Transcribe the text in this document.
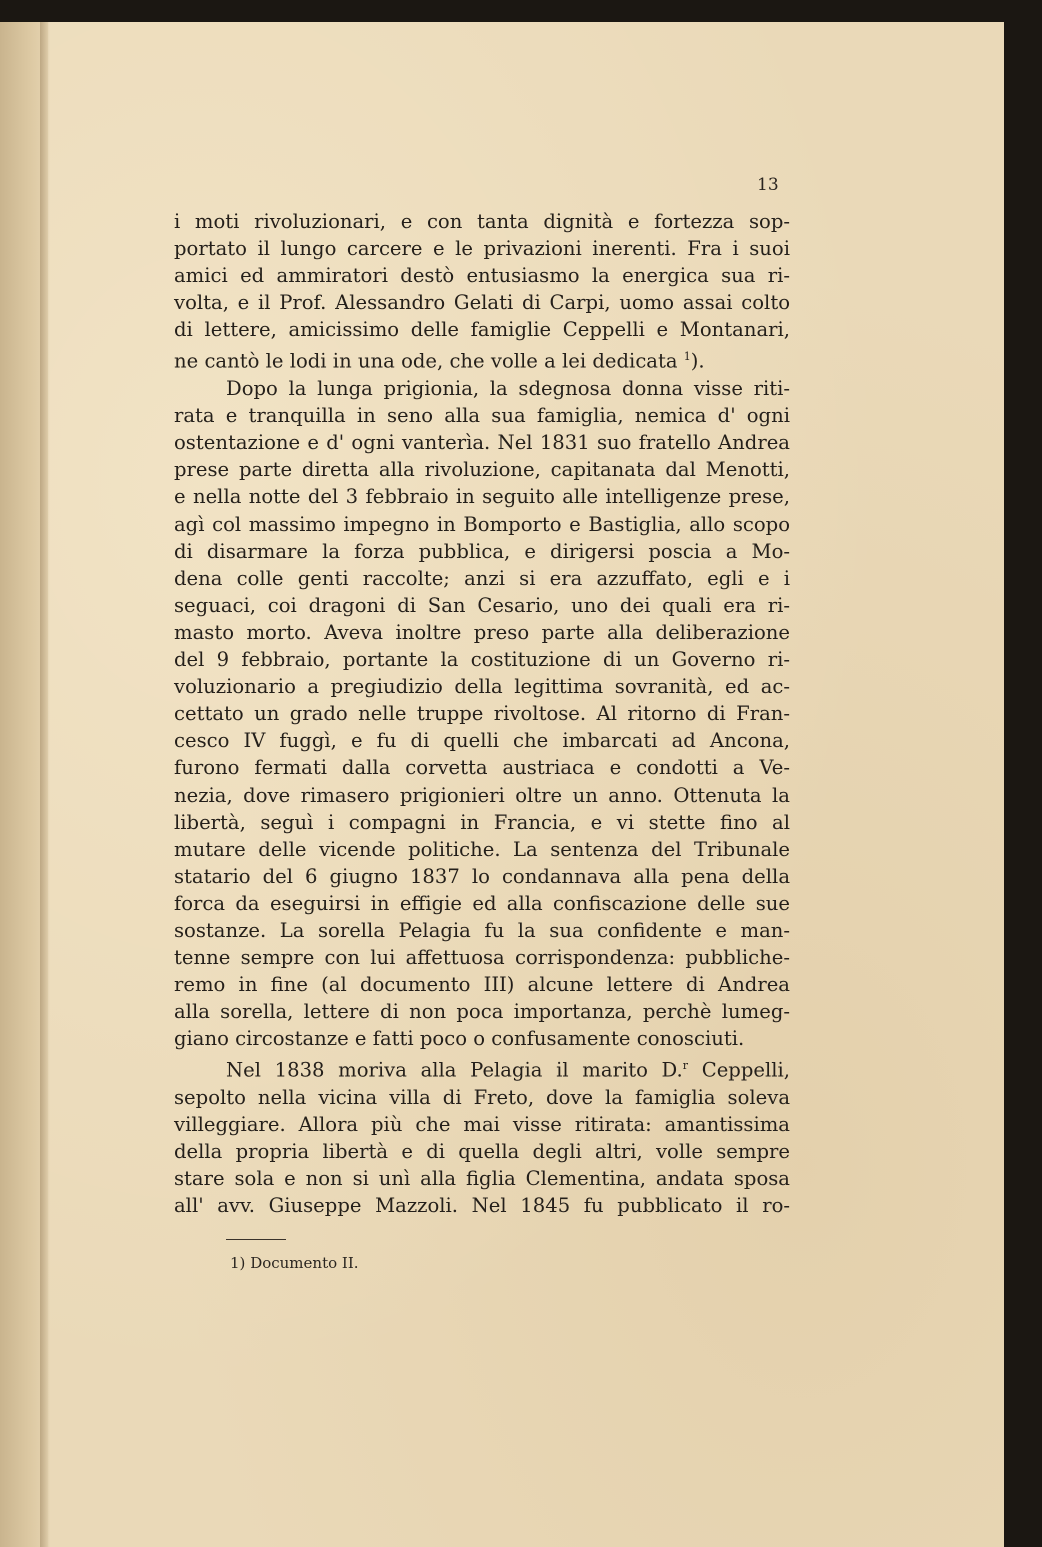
13
i moti rivoluzionari, e con tanta dignità e fortezza sop-
portato il lungo carcere e le privazioni inerenti. Fra i suoi
amici ed ammiratori destò entusiasmo la energica sua ri-
volta, e il Prof. Alessandro Gelati di Carpi, uomo assai colto
di lettere, amicissimo delle famiglie Ceppelli e Montanari,
ne cantò le lodi in una ode, che volle a lei dedicata $^1$).
Dopo la lunga prigionia, la sdegnosa donna visse riti-
rata e tranquilla in seno alla sua famiglia, nemica d' ogni
ostentazione e d' ogni vanterìa. Nel 1831 suo fratello Andrea
prese parte diretta alla rivoluzione, capitanata dal Menotti,
e nella notte del 3 febbraio in seguito alle intelligenze prese,
agì col massimo impegno in Bomporto e Bastiglia, allo scopo
di disarmare la forza pubblica, e dirigersi poscia a Mo-
dena colle genti raccolte; anzi si era azzuffato, egli e i
seguaci, coi dragoni di San Cesario, uno dei quali era ri-
masto morto. Aveva inoltre preso parte alla deliberazione
del 9 febbraio, portante la costituzione di un Governo ri-
voluzionario a pregiudizio della legittima sovranità, ed ac-
cettato un grado nelle truppe rivoltose. Al ritorno di Fran-
cesco IV fuggì, e fu di quelli che imbarcati ad Ancona,
furono fermati dalla corvetta austriaca e condotti a Ve-
nezia, dove rimasero prigionieri oltre un anno. Ottenuta la
libertà, seguì i compagni in Francia, e vi stette fino al
mutare delle vicende politiche. La sentenza del Tribunale
statario del 6 giugno 1837 lo condannava alla pena della
forca da eseguirsi in effigie ed alla confiscazione delle sue
sostanze. La sorella Pelagia fu la sua confidente e man-
tenne sempre con lui affettuosa corrispondenza: pubbliche-
remo in fine (al documento III) alcune lettere di Andrea
alla sorella, lettere di non poca importanza, perchè lumeg-
giano circostanze e fatti poco o confusamente conosciuti.
Nel 1838 moriva alla Pelagia il marito D.$^r$ Ceppelli,
sepolto nella vicina villa di Freto, dove la famiglia soleva
villeggiare. Allora più che mai visse ritirata: amantissima
della propria libertà e di quella degli altri, volle sempre
stare sola e non si unì alla figlia Clementina, andata sposa
all' avv. Giuseppe Mazzoli. Nel 1845 fu pubblicato il ro-
1) Documento II.
